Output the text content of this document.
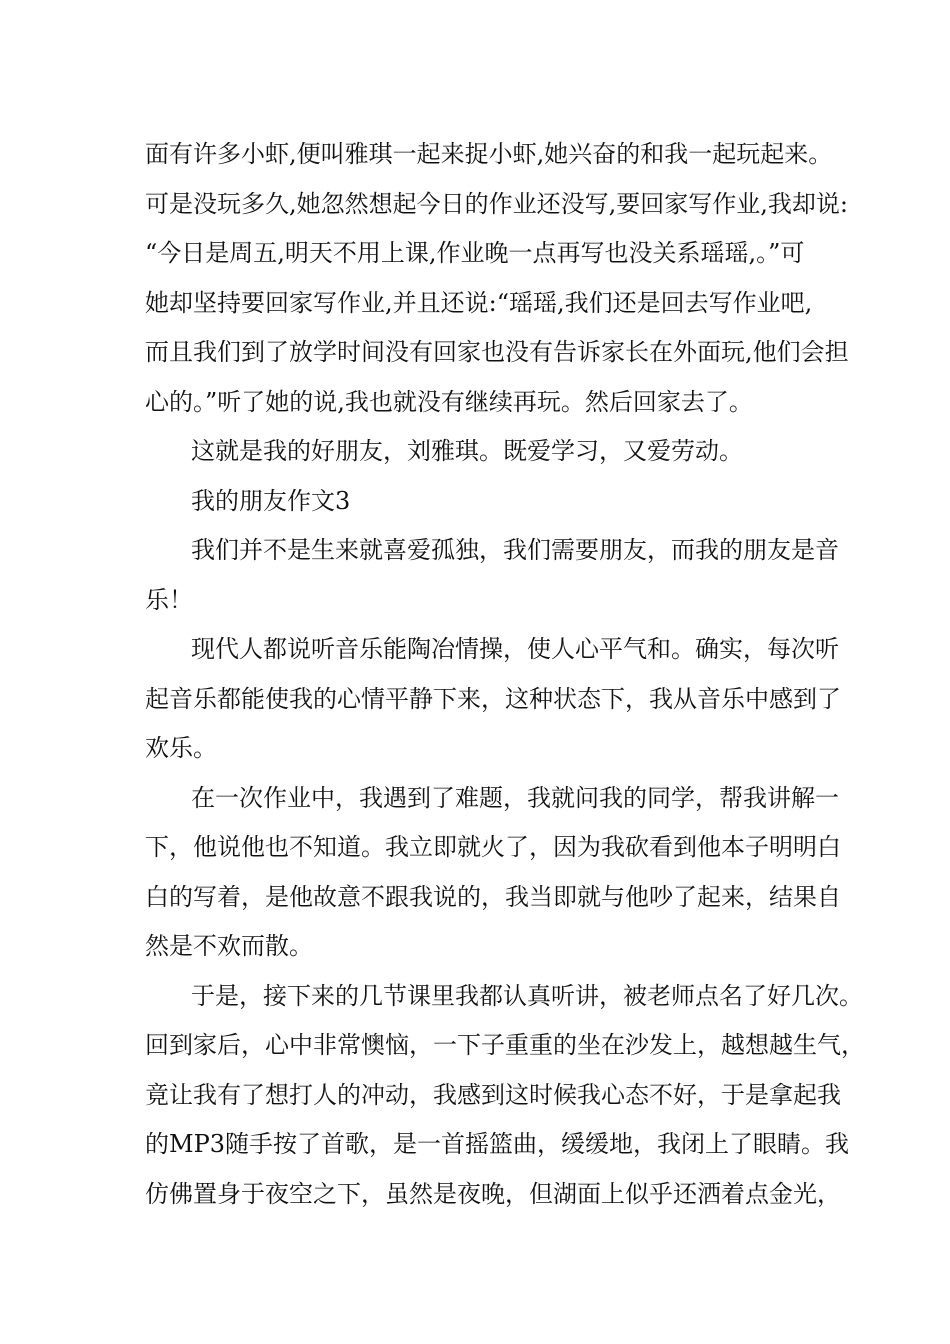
面有许多小虾,便叫雅琪一起来捉小虾,她兴奋的和我一起玩起来。
可是没玩多久,她忽然想起今日的作业还没写,要回家写作业,我却说:
“今日是周五,明天不用上课,作业晚一点再写也没关系瑶瑶,。”可
她却坚持要回家写作业,并且还说:“瑶瑶,我们还是回去写作业吧,
而且我们到了放学时间没有回家也没有告诉家长在外面玩,他们会担
心的。”听了她的说,我也就没有继续再玩。然后回家去了。
这就是我的好朋友，刘雅琪。既爱学习，又爱劳动。
我的朋友作文3
我们并不是生来就喜爱孤独，我们需要朋友，而我的朋友是音
乐！
现代人都说听音乐能陶冶情操，使人心平气和。确实，每次听
起音乐都能使我的心情平静下来，这种状态下，我从音乐中感到了
欢乐。
在一次作业中，我遇到了难题，我就问我的同学，帮我讲解一
下，他说他也不知道。我立即就火了，因为我砍看到他本子明明白
白的写着，是他故意不跟我说的，我当即就与他吵了起来，结果自
然是不欢而散。
于是，接下来的几节课里我都认真听讲，被老师点名了好几次。
回到家后，心中非常懊恼，一下子重重的坐在沙发上，越想越生气，
竟让我有了想打人的冲动，我感到这时候我心态不好，于是拿起我
的MP3随手按了首歌，是一首摇篮曲，缓缓地，我闭上了眼睛。我
仿佛置身于夜空之下，虽然是夜晚，但湖面上似乎还洒着点金光，
